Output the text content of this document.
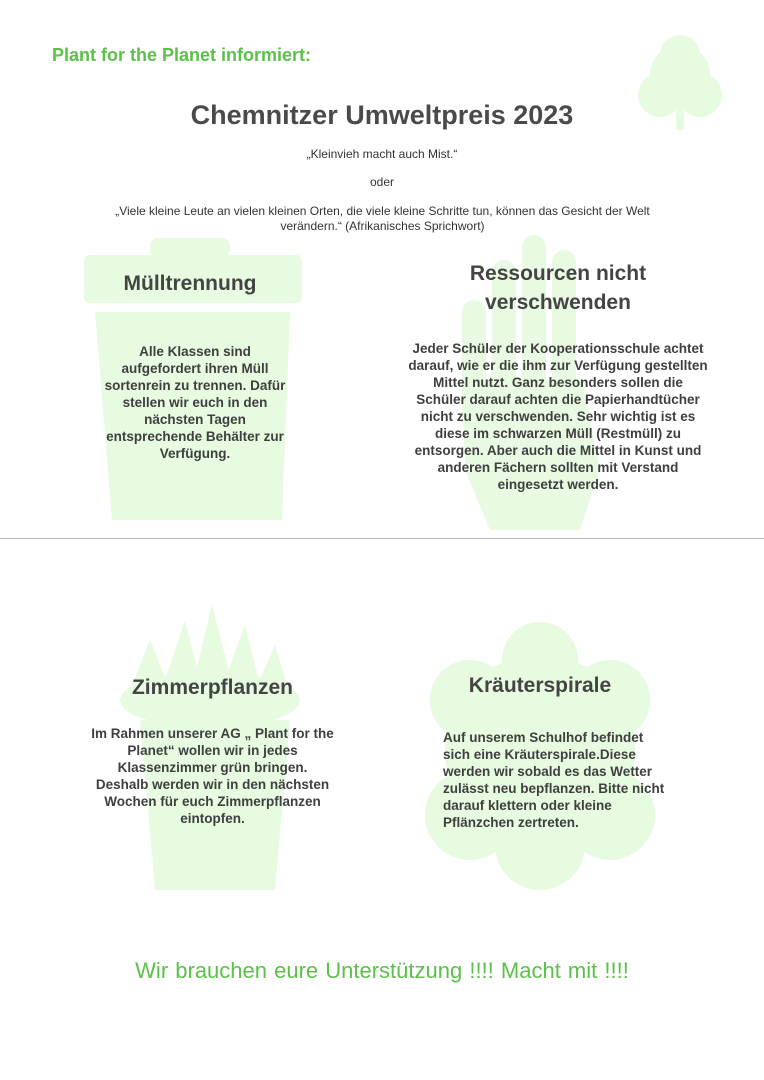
Plant for the Planet informiert:
Chemnitzer Umweltpreis 2023
„Kleinvieh macht auch Mist.“
oder
„Viele kleine Leute an vielen kleinen Orten, die viele kleine Schritte tun, können das Gesicht der Welt verändern.“ (Afrikanisches Sprichwort)
Mülltrennung
Alle Klassen sind aufgefordert ihren Müll sortenrein zu trennen. Dafür stellen wir euch in den nächsten Tagen entsprechende Behälter zur Verfügung.
Ressourcen nicht verschwenden
Jeder Schüler der Kooperationsschule achtet darauf, wie er die ihm zur Verfügung gestellten Mittel nutzt. Ganz besonders sollen die Schüler darauf achten die Papierhandtücher nicht zu verschwenden. Sehr wichtig ist es diese im schwarzen Müll (Restmüll) zu entsorgen. Aber auch die Mittel in Kunst und anderen Fächern sollten mit Verstand eingesetzt werden.
Zimmerpflanzen
Im Rahmen unserer AG „ Plant for the Planet“ wollen wir in jedes Klassenzimmer grün bringen. Deshalb werden wir in den nächsten Wochen für euch Zimmerpflanzen eintopfen.
Kräuterspirale
Auf unserem Schulhof befindet sich eine Kräuterspirale.Diese werden wir sobald es das Wetter zulässt neu bepflanzen. Bitte nicht darauf klettern oder kleine Pflänzchen zertreten.
Wir brauchen eure Unterstützung !!!! Macht mit !!!!
